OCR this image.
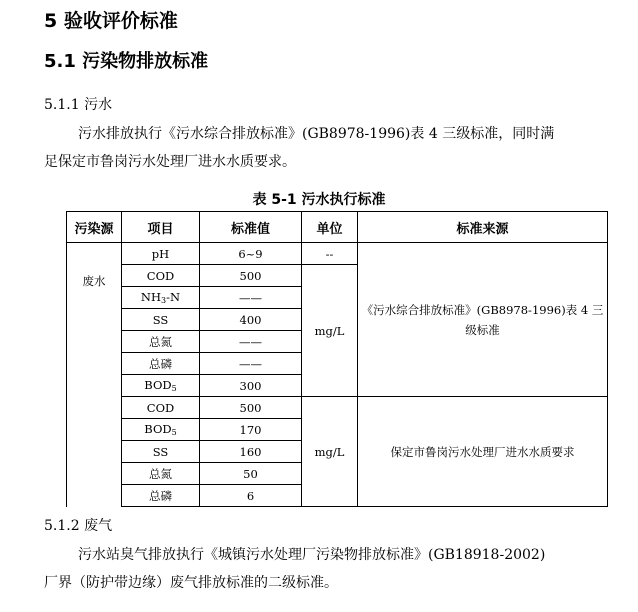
5 验收评价标准
5.1 污染物排放标准
5.1.1 污水
污水排放执行《污水综合排放标准》(GB8978-1996)表 4 三级标准，同时满
足保定市鲁岗污水处理厂进水水质要求。
表 5-1 污水执行标准
污染源	项目	标准值	单位	标准来源
废水	pH	6~9	--	《污水综合排放标准》(GB8978-1996)表 4 三级标准

	COD	500	mg/L	
	$NH_3-N$	——		
	SS	400		
	总氮	——		
	总磷	——		
	$BOD_5$	300		
	COD	500	mg/L	保定市鲁岗污水处理厂进水水质要求
	$BOD_5$	170		
	SS	160		
	总氮	50		
	总磷	6		
5.1.2 废气
污水站臭气排放执行《城镇污水处理厂污染物排放标准》(GB18918-2002)
厂界（防护带边缘）废气排放标准的二级标准。
